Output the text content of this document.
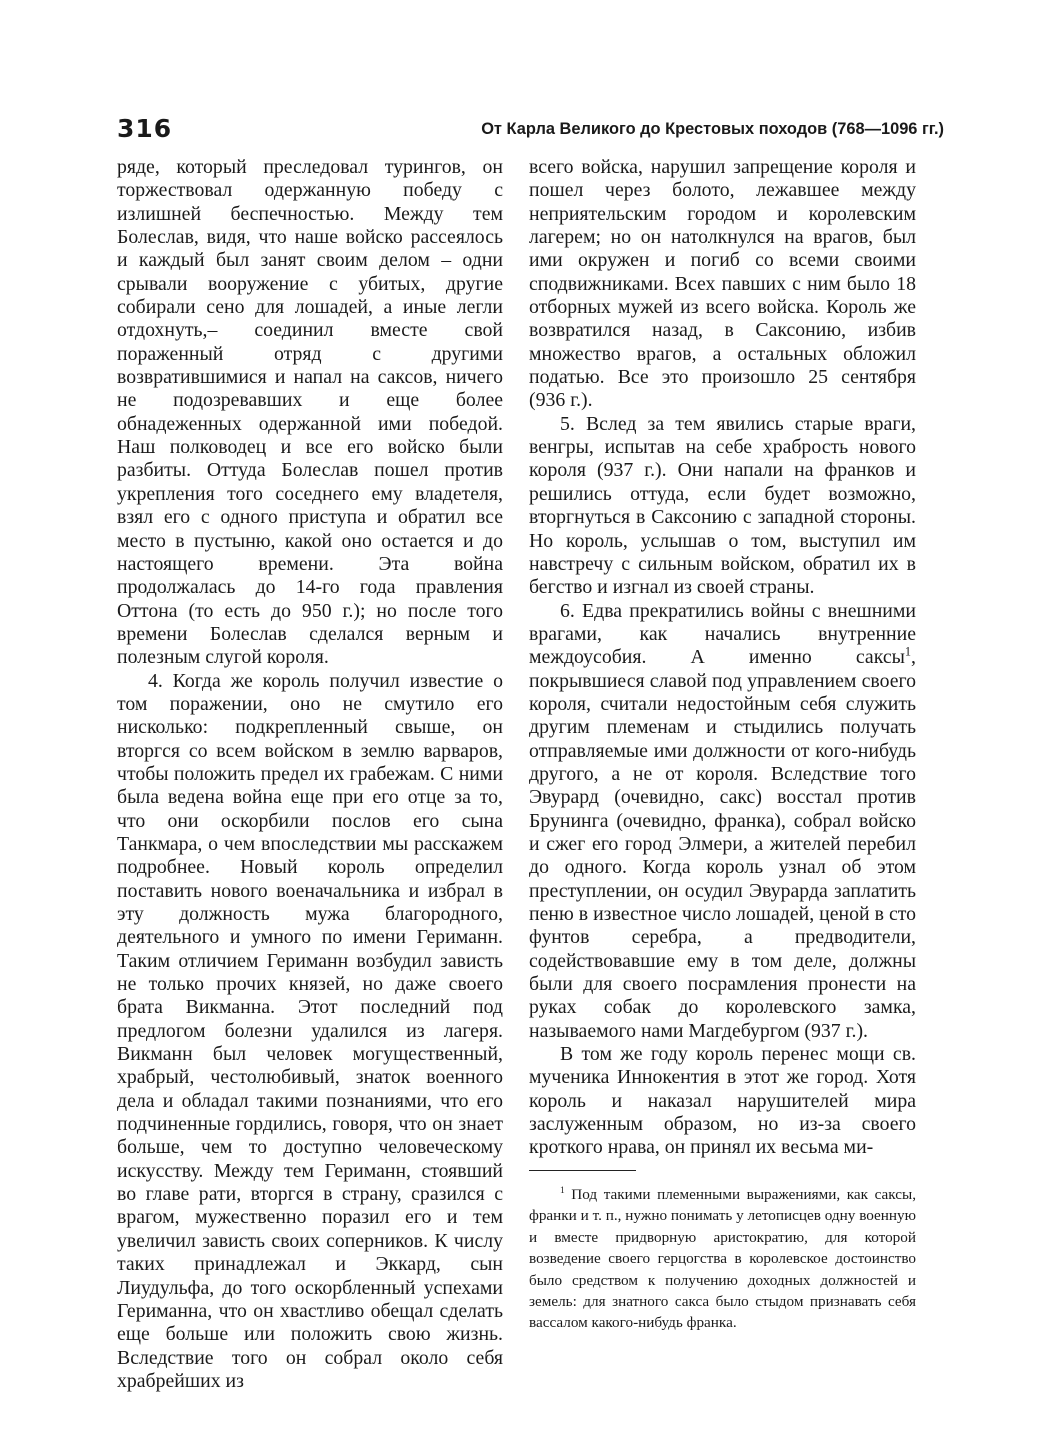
316	От Карла Великого до Крестовых походов (768—1096 гг.)

ряде, который преследовал турингов, он торжествовал одержанную победу с излишней беспечностью. Между тем Болеслав, видя, что наше войско рассеялось и каждый был занят своим делом – одни срывали вооружение с убитых, другие собирали сено для лошадей, а иные легли отдохнуть,– соединил вместе свой пораженный отряд с другими возвратившимися и напал на саксов, ничего не подозревавших и еще более обнадеженных одержанной ими победой. Наш полководец и все его войско были разбиты. Оттуда Болеслав пошел против укрепления того соседнего ему владетеля, взял его с одного приступа и обратил все место в пустыню, какой оно остается и до настоящего времени. Эта война продолжалась до 14-го года правления Оттона (то есть до 950 г.); но после того времени Болеслав сделался верным и полезным слугой короля.

4. Когда же король получил известие о том поражении, оно не смутило его нисколько: подкрепленный свыше, он вторгся со всем войском в землю варваров, чтобы положить предел их грабежам. С ними была ведена война еще при его отце за то, что они оскорбили послов его сына Танкмара, о чем впоследствии мы расскажем подробнее. Новый король определил поставить нового военачальника и избрал в эту должность мужа благородного, деятельного и умного по имени Гериманн. Таким отличием Гериманн возбудил зависть не только прочих князей, но даже своего брата Викманна. Этот последний под предлогом болезни удалился из лагеря. Викманн был человек могущественный, храбрый, честолюбивый, знаток военного дела и обладал такими познаниями, что его подчиненные гордились, говоря, что он знает больше, чем то доступно человеческому искусству. Между тем Гериманн, стоявший во главе рати, вторгся в страну, сразился с врагом, мужественно поразил его и тем увеличил зависть своих соперников. К числу таких принадлежал и Эккард, сын Лиудульфа, до того оскорбленный успехами Гериманна, что он хвастливо обещал сделать еще больше или положить свою жизнь. Вследствие того он собрал около себя храбрейших из

всего войска, нарушил запрещение короля и пошел через болото, лежавшее между неприятельским городом и королевским лагерем; но он натолкнулся на врагов, был ими окружен и погиб со всеми своими сподвижниками. Всех павших с ним было 18 отборных мужей из всего войска. Король же возвратился назад, в Саксонию, избив множество врагов, а остальных обложил податью. Все это произошло 25 сентября (936 г.).

5. Вслед за тем явились старые враги, венгры, испытав на себе храбрость нового короля (937 г.). Они напали на франков и решились оттуда, если будет возможно, вторгнуться в Саксонию с западной стороны. Но король, услышав о том, выступил им навстречу с сильным войском, обратил их в бегство и изгнал из своей страны.

6. Едва прекратились войны с внешними врагами, как начались внутренние междоусобия. А именно саксы$^1$, покрывшиеся славой под управлением своего короля, считали недостойным себя служить другим племенам и стыдились получать отправляемые ими должности от кого-нибудь другого, а не от короля. Вследствие того Эвурард (очевидно, сакс) восстал против Брунинга (очевидно, франка), собрал войско и сжег его город Элмери, а жителей перебил до одного. Когда король узнал об этом преступлении, он осудил Эвурарда заплатить пеню в известное число лошадей, ценой в сто фунтов серебра, а предводители, содействовавшие ему в том деле, должны были для своего посрамления пронести на руках собак до королевского замка, называемого нами Магдебургом (937 г.).

В том же году король перенес мощи св. мученика Иннокентия в этот же город. Хотя король и наказал нарушителей мира заслуженным образом, но из-за своего кроткого нрава, он принял их весьма ми-

$^1$ Под такими племенными выражениями, как саксы, франки и т. п., нужно понимать у летописцев одну военную и вместе придворную аристократию, для которой возведение своего герцогства в королевское достоинство было средством к получению доходных должностей и земель: для знатного сакса было стыдом признавать себя вассалом какого-нибудь франка.
